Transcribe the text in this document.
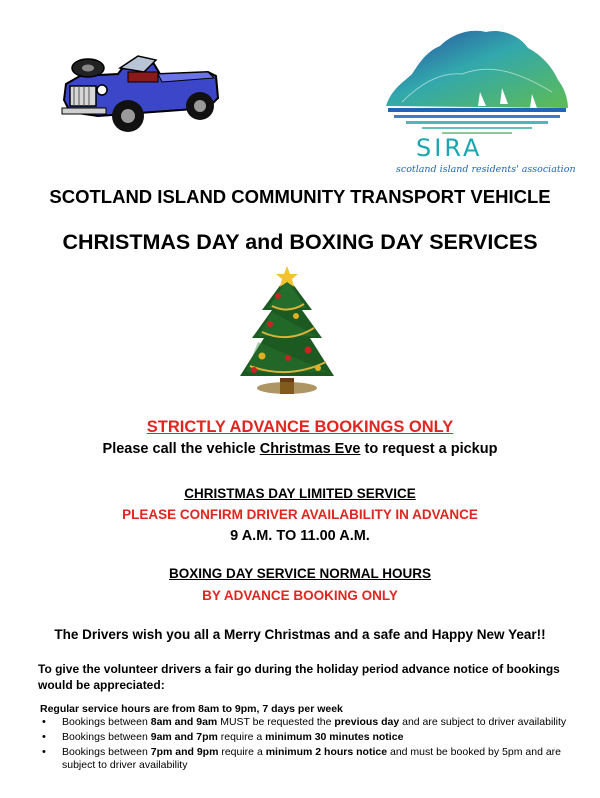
SIRA
scotland island residents' association
SCOTLAND ISLAND COMMUNITY TRANSPORT VEHICLE
CHRISTMAS DAY and BOXING DAY SERVICES
STRICTLY ADVANCE BOOKINGS ONLY
Please call the vehicle Christmas Eve to request a pickup
CHRISTMAS DAY LIMITED SERVICE
PLEASE CONFIRM DRIVER AVAILABILITY IN ADVANCE
9 A.M. TO 11.00 A.M.
BOXING DAY SERVICE NORMAL HOURS
BY ADVANCE BOOKING ONLY
The Drivers wish you all a Merry Christmas and a safe and Happy New Year!!
To give the volunteer drivers a fair go during the holiday period advance notice of bookings would be appreciated:
Regular service hours are from 8am to 9pm, 7 days per week
• Bookings between 8am and 9am MUST be requested the previous day and are subject to driver availability
• Bookings between 9am and 7pm require a minimum 30 minutes notice
• Bookings between 7pm and 9pm require a minimum 2 hours notice and must be booked by 5pm and are subject to driver availability
